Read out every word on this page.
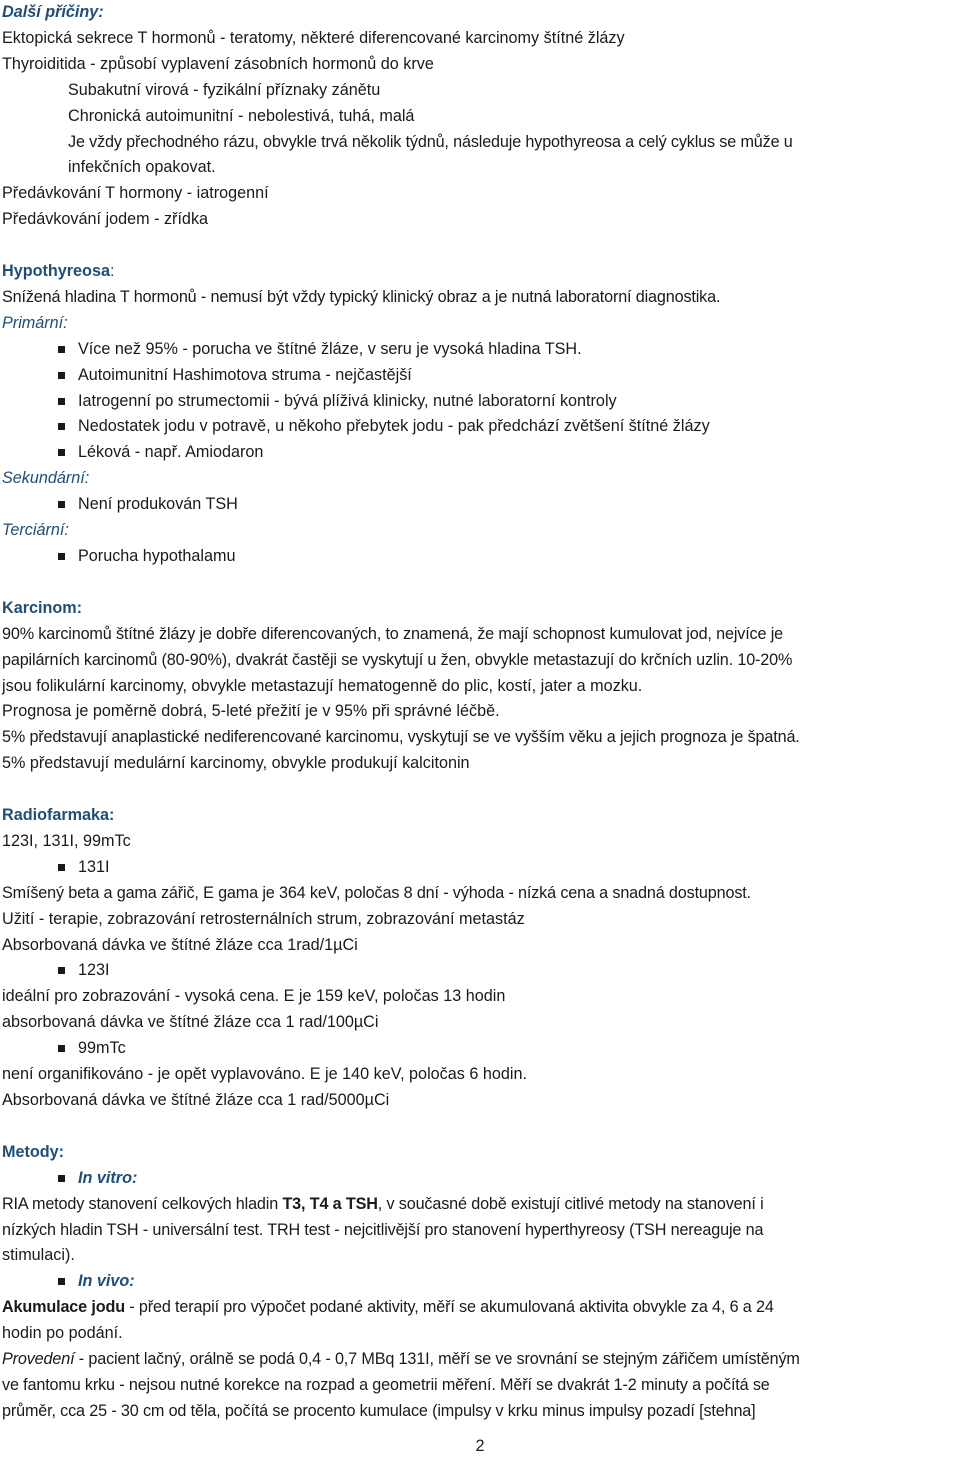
Další příčiny:

Ektopická sekrece T hormonů - teratomy, některé diferencované karcinomy štítné žlázy

Thyroiditida - způsobí vyplavení zásobních hormonů do krve

Subakutní virová - fyzikální příznaky zánětu

Chronická autoimunitní - nebolestivá, tuhá, malá

Je vždy přechodného rázu, obvykle trvá několik týdnů, následuje hypothyreosa a celý cyklus se může u

infekčních opakovat.

Předávkování T hormony - iatrogenní

Předávkování jodem - zřídka

Hypothyreosa:

Snížená hladina T hormonů - nemusí být vždy typický klinický obraz a je nutná laboratorní diagnostika.

Primární:

Více než 95% - porucha ve štítné žláze, v seru je vysoká hladina TSH.

Autoimunitní Hashimotova struma - nejčastější

Iatrogenní po strumectomii - bývá plíživá klinicky, nutné laboratorní kontroly

Nedostatek jodu v potravě, u někoho přebytek jodu - pak předchází zvětšení štítné žlázy

Léková - např. Amiodaron

Sekundární:

Není produkován TSH

Terciární:

Porucha hypothalamu

Karcinom:

90% karcinomů štítné žlázy je dobře diferencovaných, to znamená, že mají schopnost kumulovat jod, nejvíce je

papilárních karcinomů (80-90%), dvakrát častěji se vyskytují u žen, obvykle metastazují do krčních uzlin. 10-20%

jsou folikulární karcinomy, obvykle metastazují hematogenně do plic, kostí, jater a mozku.

Prognosa je poměrně dobrá, 5-leté přežití je v 95% při správné léčbě.

5% představují anaplastické nediferencované karcinomu, vyskytují se ve vyšším věku a jejich prognoza je špatná.

5% představují medulární karcinomy, obvykle produkují kalcitonin

Radiofarmaka:

123I, 131I, 99mTc

131I

Smíšený beta a gama zářič, E gama je 364 keV, poločas 8 dní - výhoda - nízká cena a snadná dostupnost.

Užití - terapie, zobrazování retrosternálních strum, zobrazování metastáz

Absorbovaná dávka ve štítné žláze cca 1rad/1µCi

123I

ideální pro zobrazování - vysoká cena. E je 159 keV, poločas 13 hodin

absorbovaná dávka ve štítné žláze cca 1 rad/100µCi

99mTc

není organifikováno - je opět vyplavováno. E je 140 keV, poločas 6 hodin.

Absorbovaná dávka ve štítné žláze cca 1 rad/5000µCi

Metody:

In vitro:

RIA metody stanovení celkových hladin T3, T4 a TSH, v současné době existují citlivé metody na stanovení i

nízkých hladin TSH - universální test. TRH test - nejcitlivější pro stanovení hyperthyreosy (TSH nereaguje na

stimulaci).

In vivo:

Akumulace jodu - před terapií pro výpočet podané aktivity, měří se akumulovaná aktivita obvykle za 4, 6 a 24

hodin po podání.

Provedení - pacient lačný, orálně se podá 0,4 - 0,7 MBq 131I, měří se ve srovnání se stejným zářičem umístěným

ve fantomu krku - nejsou nutné korekce na rozpad a geometrii měření. Měří se dvakrát 1-2 minuty a počítá se

průměr, cca 25 - 30 cm od těla, počítá se procento kumulace (impulsy v krku minus impulsy pozadí [stehna]

2
